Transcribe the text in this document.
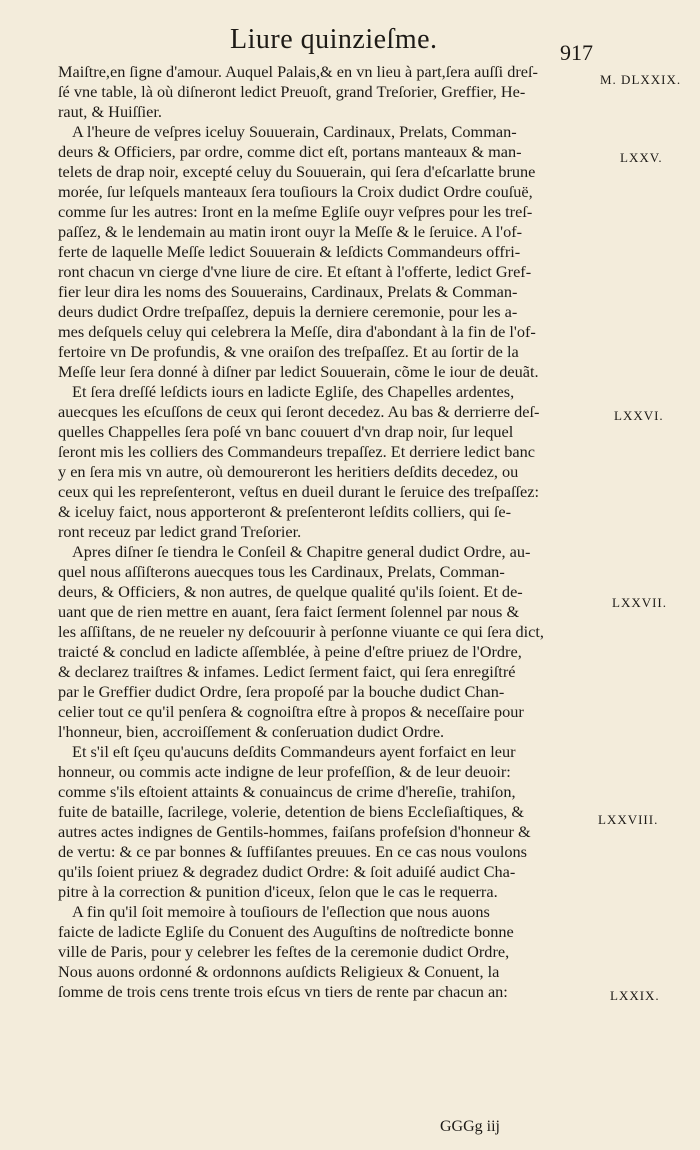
Liure quinzieſme.	917
M. DLXXIX.
LXXV.
LXXVI.
LXXVII.
LXXVIII.
LXXIX.
Maiſtre,en ſigne d'amour. Auquel Palais,& en vn lieu à part,ſera auſſi dreſ-
ſé vne table, là où diſneront ledict Preuoſt, grand Treſorier, Greffier, He-
raut, & Huiſſier.
A l'heure de veſpres iceluy Souuerain, Cardinaux, Prelats, Comman-
deurs & Officiers, par ordre, comme dict eſt, portans manteaux & man-
telets de drap noir, excepté celuy du Souuerain, qui ſera d'eſcarlatte brune
morée, ſur leſquels manteaux ſera touſiours la Croix dudict Ordre couſuë,
comme ſur les autres: Iront en la meſme Egliſe ouyr veſpres pour les treſ-
paſſez, & le lendemain au matin iront ouyr la Meſſe & le ſeruice. A l'of-
ferte de laquelle Meſſe ledict Souuerain & leſdicts Commandeurs offri-
ront chacun vn cierge d'vne liure de cire. Et eſtant à l'offerte, ledict Gref-
fier leur dira les noms des Souuerains, Cardinaux, Prelats & Comman-
deurs dudict Ordre treſpaſſez, depuis la derniere ceremonie, pour les a-
mes deſquels celuy qui celebrera la Meſſe, dira d'abondant à la fin de l'of-
fertoire vn De profundis, & vne oraiſon des treſpaſſez. Et au ſortir de la
Meſſe leur ſera donné à diſner par ledict Souuerain, cõme le iour de deuãt.
Et ſera dreſſé leſdicts iours en ladicte Egliſe, des Chapelles ardentes,
auecques les eſcuſſons de ceux qui ſeront decedez. Au bas & derrierre deſ-
quelles Chappelles ſera poſé vn banc couuert d'vn drap noir, ſur lequel
ſeront mis les colliers des Commandeurs trepaſſez. Et derriere ledict banc
y en ſera mis vn autre, où demoureront les heritiers deſdits decedez, ou
ceux qui les repreſenteront, veſtus en dueil durant le ſeruice des treſpaſſez:
& iceluy faict, nous apporteront & preſenteront leſdits colliers, qui ſe-
ront receuz par ledict grand Treſorier.
Apres diſner ſe tiendra le Conſeil & Chapitre general dudict Ordre, au-
quel nous aſſiſterons auecques tous les Cardinaux, Prelats, Comman-
deurs, & Officiers, & non autres, de quelque qualité qu'ils ſoient. Et de-
uant que de rien mettre en auant, ſera faict ſerment ſolennel par nous &
les aſſiſtans, de ne reueler ny deſcouurir à perſonne viuante ce qui ſera dict,
traicté & conclud en ladicte aſſemblée, à peine d'eſtre priuez de l'Ordre,
& declarez traiſtres & infames. Ledict ſerment faict, qui ſera enregiſtré
par le Greffier dudict Ordre, ſera propoſé par la bouche dudict Chan-
celier tout ce qu'il penſera & cognoiſtra eſtre à propos & neceſſaire pour
l'honneur, bien, accroiſſement & conſeruation dudict Ordre.
Et s'il eſt ſçeu qu'aucuns deſdits Commandeurs ayent forfaict en leur
honneur, ou commis acte indigne de leur profeſſion, & de leur deuoir:
comme s'ils eſtoient attaints & conuaincus de crime d'hereſie, trahiſon,
fuite de bataille, ſacrilege, volerie, detention de biens Eccleſiaſtiques, &
autres actes indignes de Gentils-hommes, faiſans profeſsion d'honneur &
de vertu: & ce par bonnes & ſuffiſantes preuues. En ce cas nous voulons
qu'ils ſoient priuez & degradez dudict Ordre: & ſoit aduiſé audict Cha-
pitre à la correction & punition d'iceux, ſelon que le cas le requerra.
A fin qu'il ſoit memoire à touſiours de l'eſlection que nous auons
faicte de ladicte Egliſe du Conuent des Auguſtins de noſtredicte bonne
ville de Paris, pour y celebrer les feſtes de la ceremonie dudict Ordre,
Nous auons ordonné & ordonnons auſdicts Religieux & Conuent, la
ſomme de trois cens trente trois eſcus vn tiers de rente par chacun an:
GGGg iij
